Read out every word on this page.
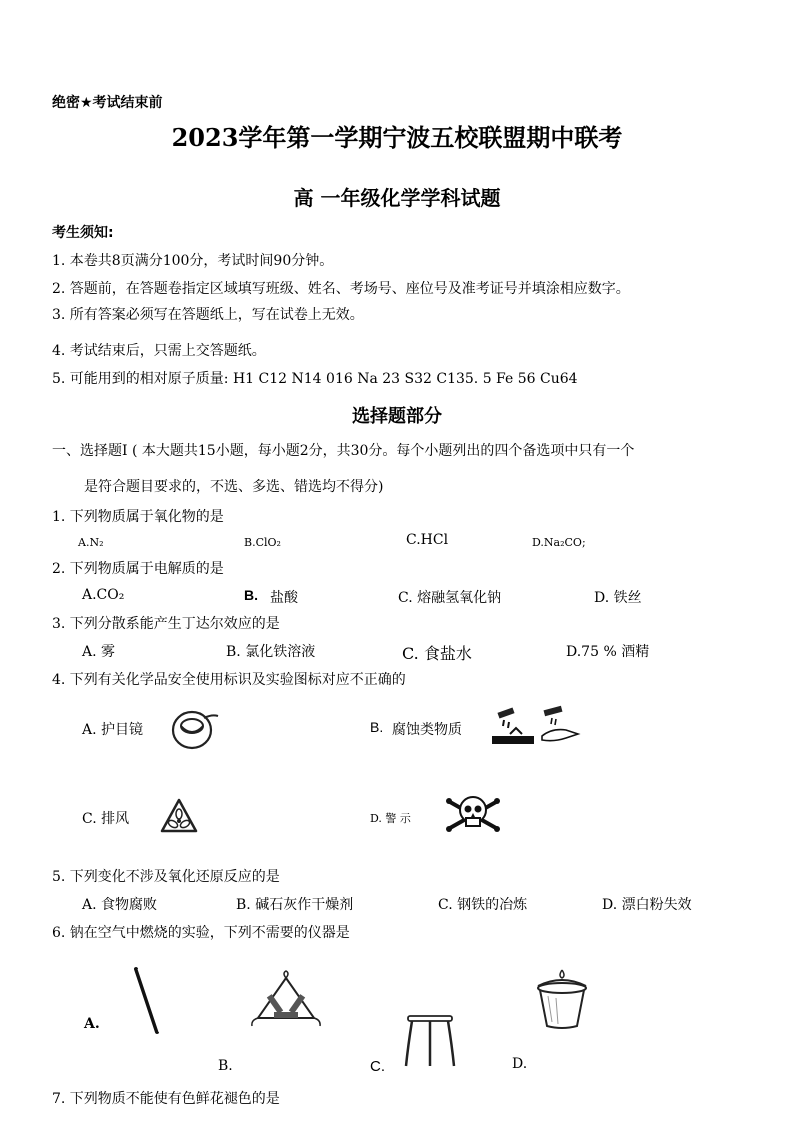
绝密★考试结束前
2023学年第一学期宁波五校联盟期中联考
高 一年级化学学科试题
考生须知:
1. 本卷共8页满分100分，考试时间90分钟。
2. 答题前，在答题卷指定区域填写班级、姓名、考场号、座位号及准考证号并填涂相应数字。
3. 所有答案必须写在答题纸上，写在试卷上无效。
4. 考试结束后，只需上交答题纸。
5. 可能用到的相对原子质量: H1 C12 N14 016 Na 23 S32 C135. 5 Fe 56 Cu64
选择题部分
一、选择题I ( 本大题共15小题，每小题2分，共30分。每个小题列出的四个备选项中只有一个
是符合题目要求的，不选、多选、错选均不得分)
1. 下列物质属于氧化物的是
A.N₂	B.ClO₂	C.HCl	D.Na₂CO;
2. 下列物质属于电解质的是
A.CO₂	B. 盐酸	C. 熔融氢氧化钠	D. 铁丝
3. 下列分散系能产生丁达尔效应的是
A. 雾	B. 氯化铁溶液	C. 食盐水	D.75 % 酒精
4. 下列有关化学品安全使用标识及实验图标对应不正确的
A. 护目镜	B. 腐蚀类物质
C. 排风	D. 警 示
5. 下列变化不涉及氧化还原反应的是
A. 食物腐败	B. 碱石灰作干燥剂	C. 钢铁的冶炼	D. 漂白粉失效
6. 钠在空气中燃烧的实验，下列不需要的仪器是
A.
B.	C.	D.
7. 下列物质不能使有色鲜花褪色的是
